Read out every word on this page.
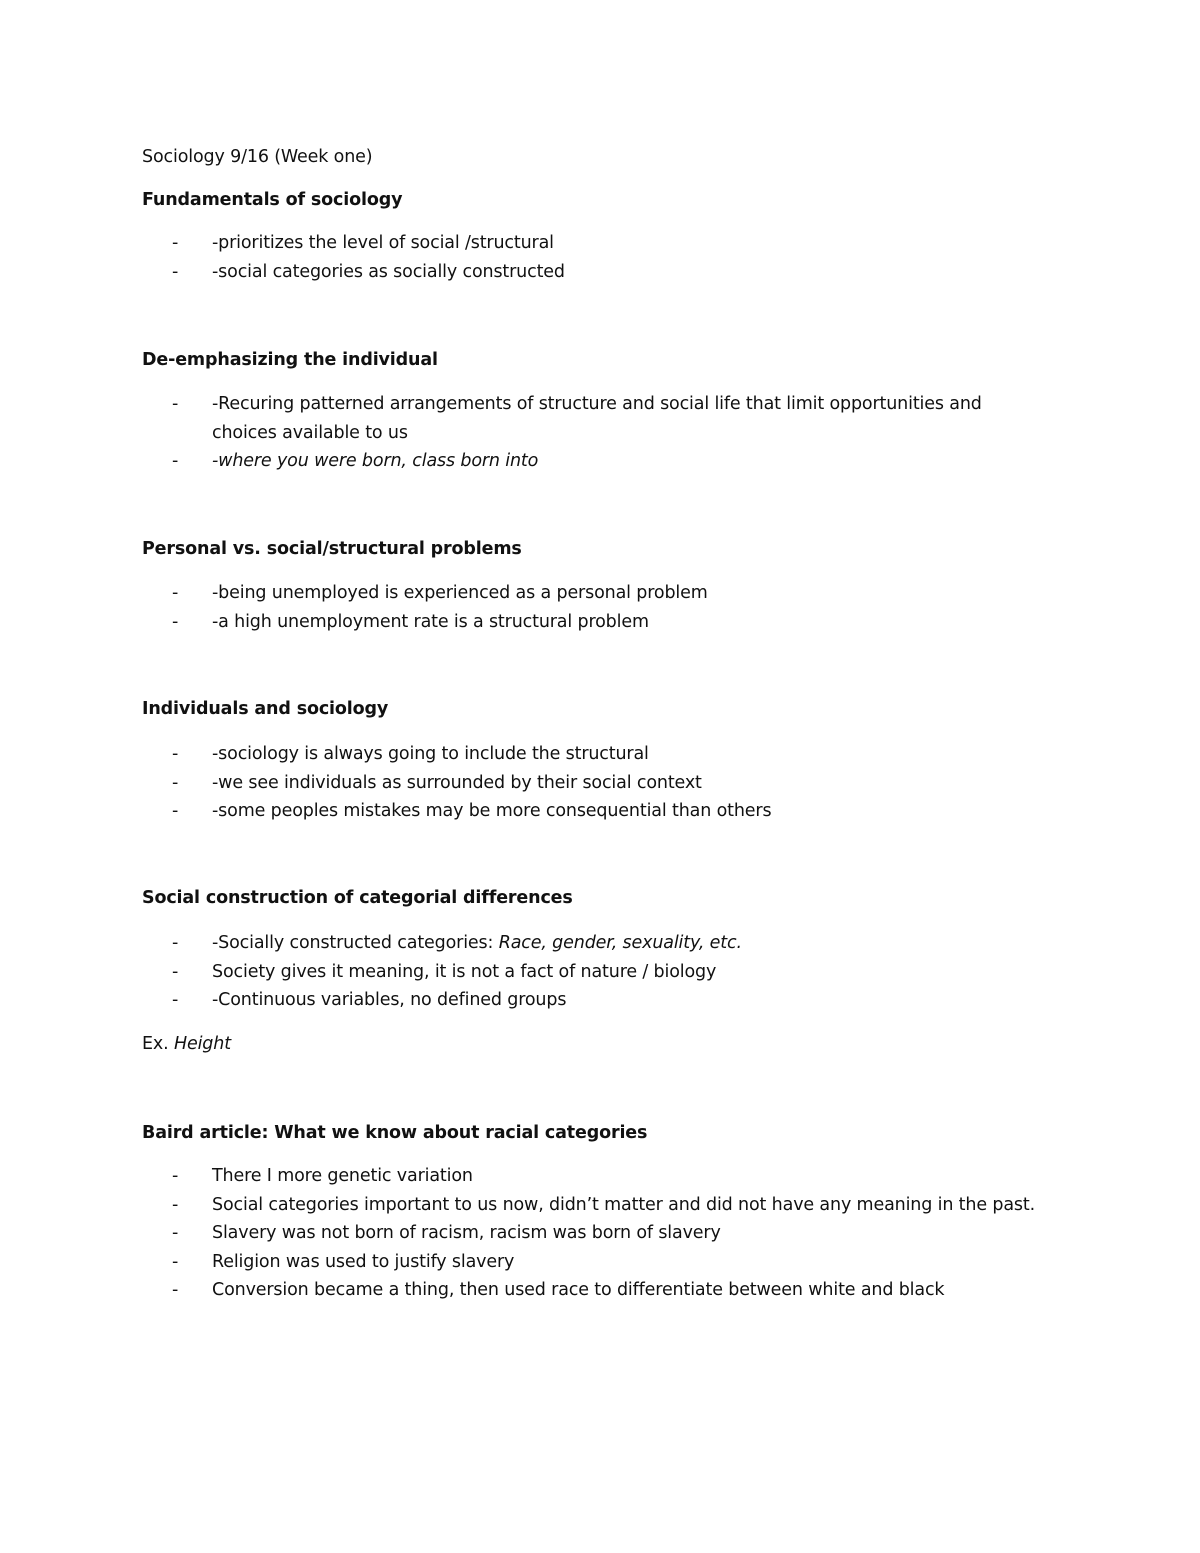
Sociology 9/16 (Week one)
Fundamentals of sociology
- -prioritizes the level of social /structural
- -social categories as socially constructed
De-emphasizing the individual
- -Recuring patterned arrangements of structure and social life that limit opportunities and
choices available to us
- -where you were born, class born into
Personal vs. social/structural problems
- -being unemployed is experienced as a personal problem
- -a high unemployment rate is a structural problem
Individuals and sociology
- -sociology is always going to include the structural
- -we see individuals as surrounded by their social context
- -some peoples mistakes may be more consequential than others
Social construction of categorial differences
- -Socially constructed categories: Race, gender, sexuality, etc.
- Society gives it meaning, it is not a fact of nature / biology
- -Continuous variables, no defined groups
Ex. Height
Baird article: What we know about racial categories
- There I more genetic variation
- Social categories important to us now, didn’t matter and did not have any meaning in the past.
- Slavery was not born of racism, racism was born of slavery
- Religion was used to justify slavery
- Conversion became a thing, then used race to differentiate between white and black
